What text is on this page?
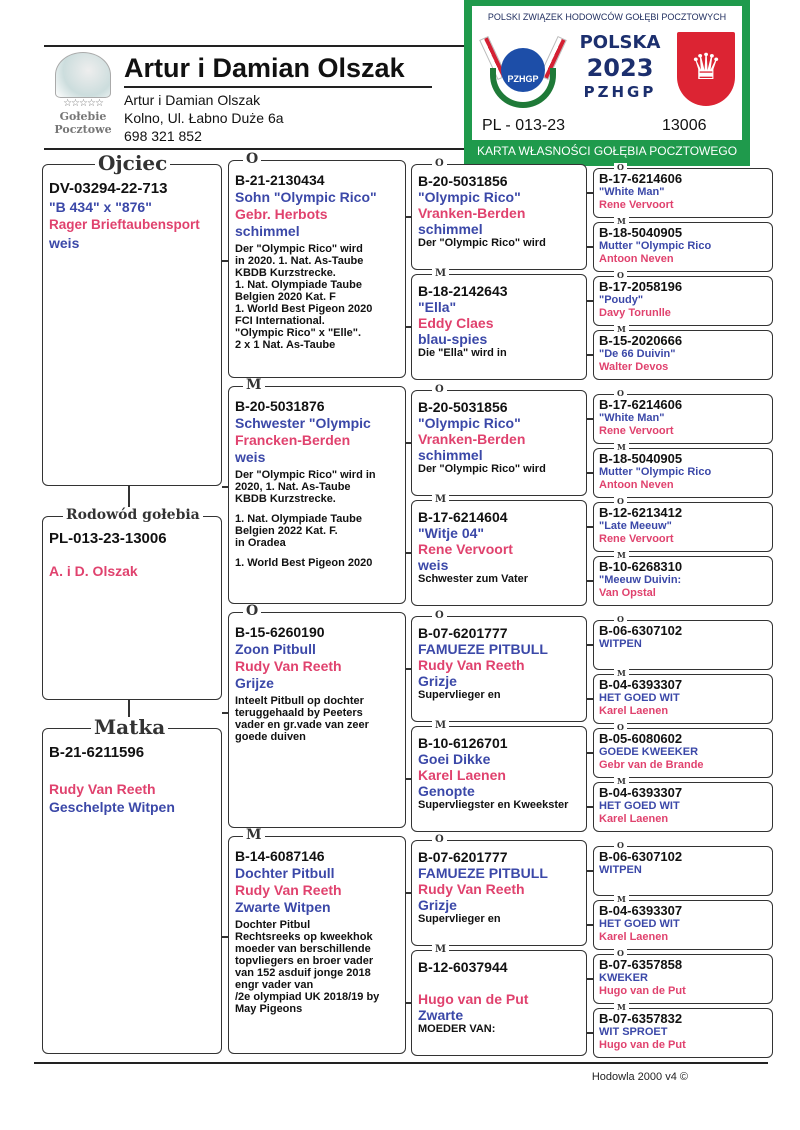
☆☆☆☆☆
Gołebie
Pocztowe
Artur i Damian Olszak
Artur i Damian Olszak
Kolno, Ul. Łabno Duże 6a
698 321 852
POLSKI ZWIĄZEK HODOWCÓW GOŁĘBI POCZTOWYCH
PZHGP
POLSKA
2023
PZHGP
♛
PL - 013-23	13006
KARTA WŁASNOŚCI GOŁĘBIA POCZTOWEGO
Ojciec
DV-03294-22-713
"B 434" x "876"
Rager Brieftaubensport
weis
Rodowód gołebia
PL-013-23-13006
A. i D. Olszak
Matka
B-21-6211596
Rudy Van Reeth
Geschelpte Witpen
O
B-21-2130434
Sohn "Olympic Rico"
Gebr. Herbots
schimmel
Der "Olympic Rico" wird
in 2020. 1. Nat. As-Taube
KBDB Kurzstrecke.
1. Nat. Olympiade Taube
Belgien 2020 Kat. F
1. World Best Pigeon 2020
FCI International.
"Olympic Rico" x "Elle".
2 x 1 Nat. As-Taube
M
B-20-5031876
Schwester "Olympic
Francken-Berden
weis
Der "Olympic Rico" wird in
2020, 1. Nat. As-Taube
KBDB Kurzstrecke.
1. Nat. Olympiade Taube
Belgien 2022 Kat. F.
in Oradea
1. World Best Pigeon 2020
O
B-15-6260190
Zoon Pitbull
Rudy Van Reeth
Grijze
Inteelt Pitbull op dochter
teruggehaald by Peeters
vader en gr.vade van zeer
goede duiven
M
B-14-6087146
Dochter Pitbull
Rudy Van Reeth
Zwarte Witpen
Dochter Pitbul
Rechtsreeks op kweekhok
moeder van berschillende
topvliegers en broer vader
van 152 asduif jonge 2018
engr vader van
/2e olympiad UK 2018/19 by
May Pigeons
O
B-20-5031856
"Olympic Rico"
Vranken-Berden
schimmel
Der "Olympic Rico" wird
M
B-18-2142643
"Ella"
Eddy Claes
blau-spies
Die "Ella" wird in
O
B-20-5031856
"Olympic Rico"
Vranken-Berden
schimmel
Der "Olympic Rico" wird
M
B-17-6214604
"Witje 04"
Rene Vervoort
weis
Schwester zum Vater
O
B-07-6201777
FAMUEZE PITBULL
Rudy Van Reeth
Grizje
Supervlieger en
M
B-10-6126701
Goei Dikke
Karel Laenen
Genopte
Supervliegster en Kweekster
O
B-07-6201777
FAMUEZE PITBULL
Rudy Van Reeth
Grizje
Supervlieger en
M
B-12-6037944
Hugo van de Put
Zwarte
MOEDER VAN:
O
B-17-6214606
"White Man"
Rene Vervoort
M
B-18-5040905
Mutter "Olympic Rico
Antoon Neven
O
B-17-2058196
"Poudy"
Davy Torunlle
M
B-15-2020666
"De 66 Duivin"
Walter Devos
O
B-17-6214606
"White Man"
Rene Vervoort
M
B-18-5040905
Mutter "Olympic Rico
Antoon Neven
O
B-12-6213412
"Late Meeuw"
Rene Vervoort
M
B-10-6268310
"Meeuw Duivin:
Van Opstal
O
B-06-6307102
WITPEN
M
B-04-6393307
HET GOED WIT
Karel Laenen
O
B-05-6080602
GOEDE KWEEKER
Gebr van de Brande
M
B-04-6393307
HET GOED WIT
Karel Laenen
O
B-06-6307102
WITPEN
M
B-04-6393307
HET GOED WIT
Karel Laenen
O
B-07-6357858
KWEKER
Hugo van de Put
M
B-07-6357832
WIT SPROET
Hugo van de Put
Hodowla 2000 v4 ©
